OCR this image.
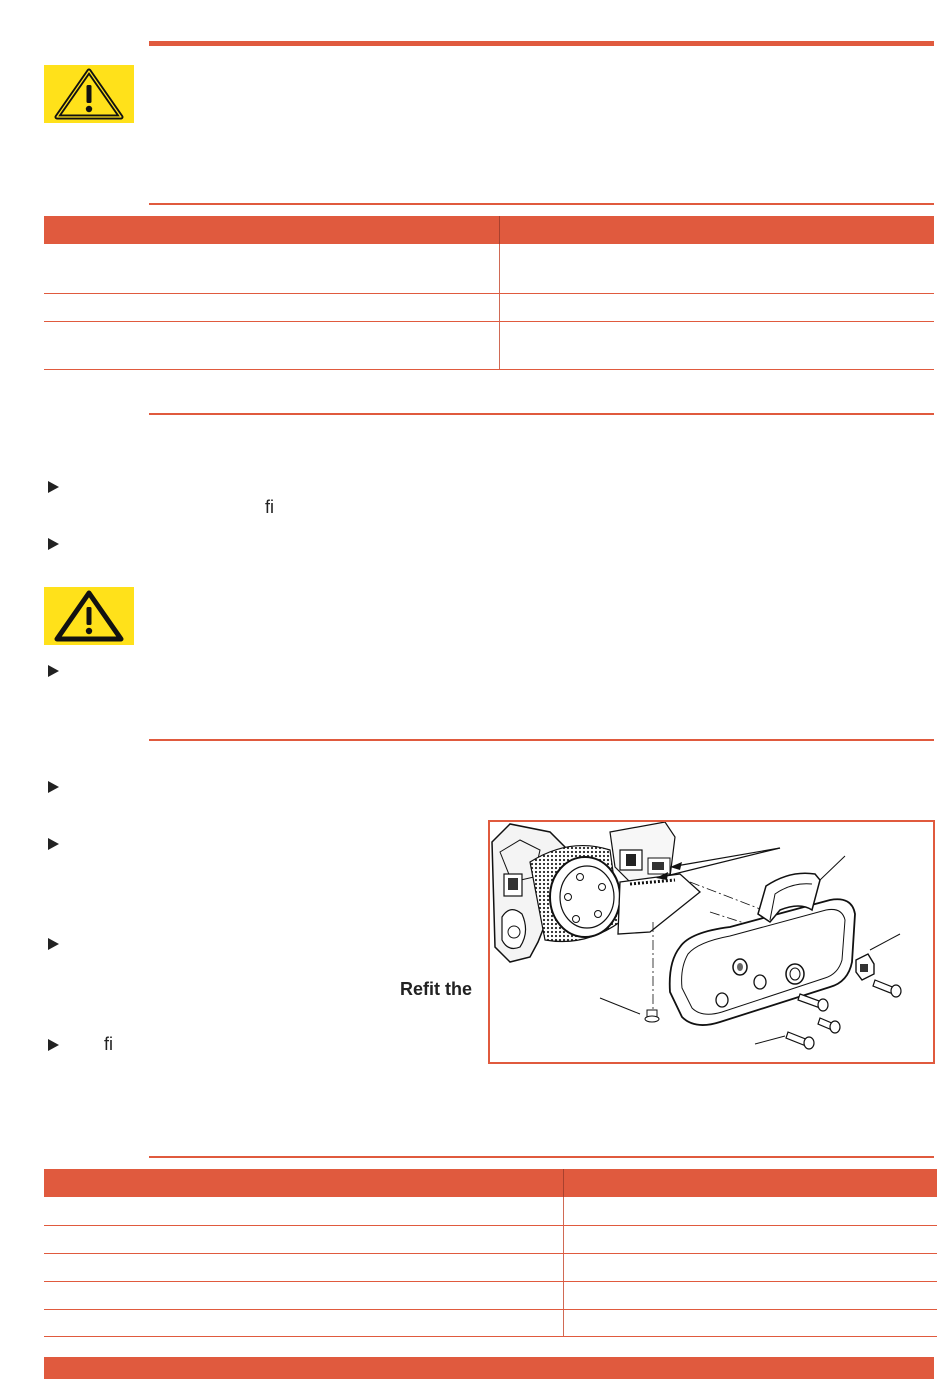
fi
Refit the
fi
